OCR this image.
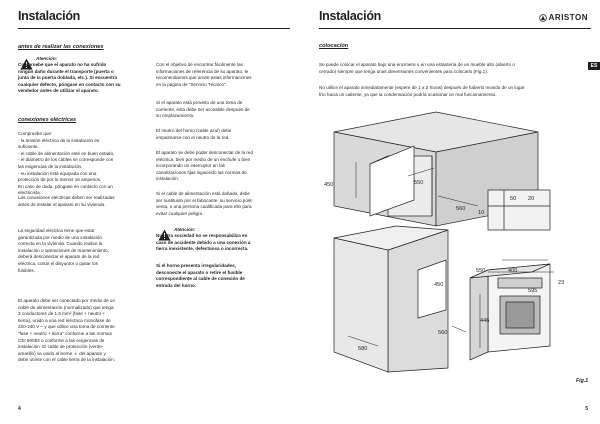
Instalación
antes de realizar las conexiones
Atención:
Compruebe que el aparato no ha sufrido
ningún daño durante el transporte (puerta o
junta de la puerta doblada, etc.). Si encuentra
cualquier defecto, póngase en contacto con su
vendedor antes de utilizar el aparato.
conexiones eléctricas
Compruebe que:
- la tensión eléctrica de la instalación es
suficiente,
- el cable de alimentación esté en buen estado,
- el diámetro de los cables se corresponde con
las exigencias de la instalación,
- su instalación está equipada con una
protección de por lo menos 16 amperios.
En caso de duda, póngase en contacto con un
electricista.
Las conexiones eléctricas deben ser realizadas
antes de instalar el aparato en su vivienda.
La seguridad eléctrica tiene que estar
garantizada por medio de una instalación
correcta en la vivienda. Cuando realice la
instalación u operaciones de mantenimiento,
deberá desconectar el aparato de la red
eléctrica, cortar el disyuntor o quitar los
fusibles.
El aparato debe ser conectado por medio de un
cable de alimentación (normalizado) que tenga
3 conductores de 1,5 mm² (fase + neutro +
tierra), unido a una red eléctrica monofase de
220-240 V ~ y que utilice una toma de corriente
"fase + neutro + tierra" conforme a las normas
CEI 60083 o conforme a las exigencias de
instalación. El cable de protección (verde-
amarillo) va unido al borne ⏚ del aparato y
debe unirse con el cable tierra de la instalación.
Con el objetivo de encontrar fácilmente las
informaciones de referencia de su aparato, le
recomendamos que anote estas informaciones
en la página de "Servicio Técnico".
Si el aparato está provisto de una toma de
corriente, ésta debe ser accesible después de
su emplazamiento.
El neutro del horno (cable azul) debe
empalmarse con el neutro de la red.
El aparato se debe poder desconectar de la red
eléctrica, bien por medio de un enchufe o bien
incorporando un interruptor en las
canalizaciones fijas siguiendo las normas de
instalación.
Si el cable de alimentación está dañado, debe
ser sustituido por el fabricante, su servicio post-
venta, o una persona cualificada para ello para
evitar cualquier peligro.
Atención:
Nuestra sociedad no se responsabiliza en
caso de accidente debido a una conexión a
tierra inexistente, defectuosa o incorrecta.
Si el horno presenta irregularidades,
desconecte el aparato o retire el fusible
correspondiente al cable de conexión de
entrada del horno.
4
Instalación	ARISTON
ES
colocación
Se puede colocar el aparato bajo una encimera o en una estantería de un mueble alto (abierto o
cerrado) siempre que tenga unas dimensiones convenientes para colocarlo (Fig.1).
No utilice el aparato inmediatamente (espere de 1 a 2 horas) después de haberlo movido de un lugar
frío hacia un caliente, ya que la condensación podría ocasionar un mal funcionamiento.
5
450	550
560
50 20
10
550	400
23
595
450
446
580
560
Fig.1
